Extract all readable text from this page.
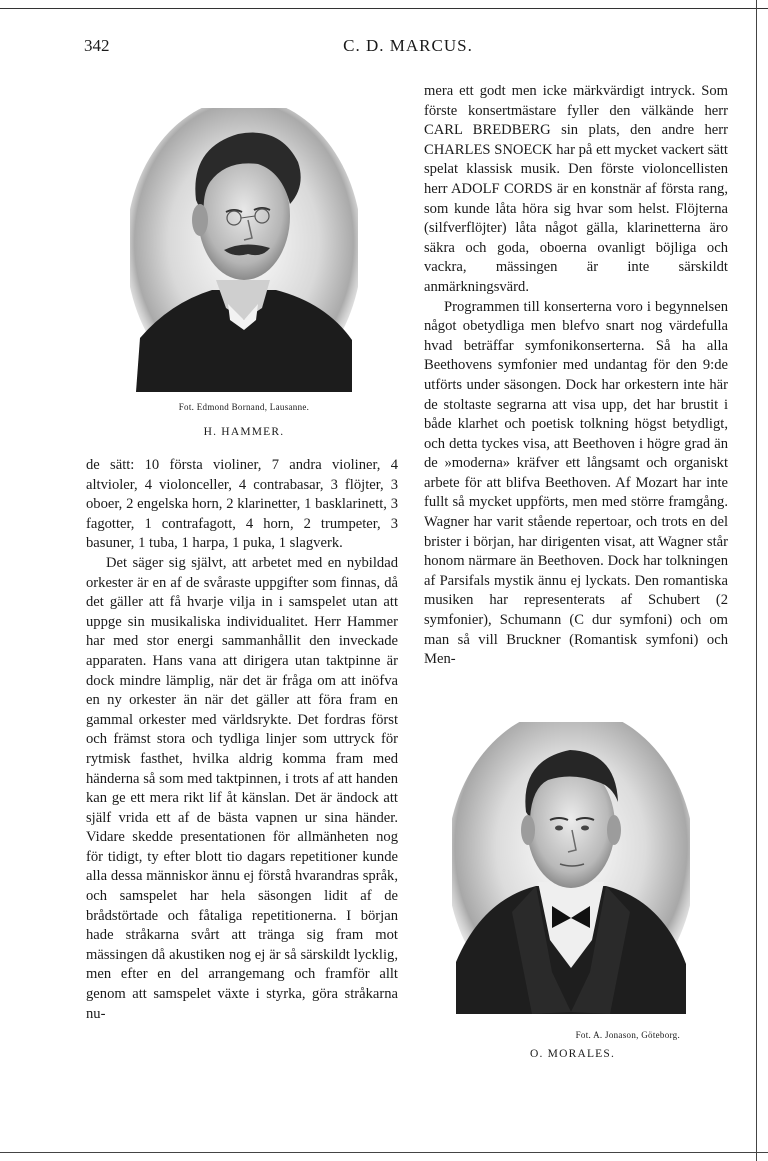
C. D. MARCUS.
342
Fot. Edmond Bornand, Lausanne.
H. HAMMER.

de sätt: 10 första violiner, 7 andra violiner, 4 altvioler, 4 violonceller, 4 contrabasar, 3 flöjter, 3 oboer, 2 engelska horn, 2 klarinetter, 1 basklarinett, 3 fagotter, 1 contrafagott, 4 horn, 2 trumpeter, 3 basuner, 1 tuba, 1 harpa, 1 puka, 1 slagverk.

Det säger sig självt, att arbetet med en nybildad orkester är en af de svåraste uppgifter som finnas, då det gäller att få hvarje vilja in i samspelet utan att uppge sin musikaliska individualitet. Herr Hammer har med stor energi sammanhållit den inveckade apparaten. Hans vana att dirigera utan taktpinne är dock mindre lämplig, när det är fråga om att inöfva en ny orkester än när det gäller att föra fram en gammal orkester med världsrykte. Det fordras först och främst stora och tydliga linjer som uttryck för rytmisk fasthet, hvilka aldrig komma fram med händerna så som med taktpinnen, i trots af att handen kan ge ett mera rikt lif åt känslan. Det är ändock att själf vrida ett af de bästa vapnen ur sina händer. Vidare skedde presentationen för allmänheten nog för tidigt, ty efter blott tio dagars repetitioner kunde alla dessa människor ännu ej förstå hvarandras språk, och samspelet har hela säsongen lidit af de brådstörtade och fåtaliga repetitionerna. I början hade stråkarna svårt att tränga sig fram mot mässingen då akustiken nog ej är så särskildt lycklig, men efter en del arrangemang och framför allt genom att samspelet växte i styrka, göra stråkarna nu-

mera ett godt men icke märkvärdigt intryck. Som förste konsertmästare fyller den välkände herr CARL BREDBERG sin plats, den andre herr CHARLES SNOECK har på ett mycket vackert sätt spelat klassisk musik. Den förste violoncellisten herr ADOLF CORDS är en konstnär af första rang, som kunde låta höra sig hvar som helst. Flöjterna (silfverflöjter) låta något gälla, klarinetterna äro säkra och goda, oboerna ovanligt böjliga och vackra, mässingen är inte särskildt anmärkningsvärd.

Programmen till konserterna voro i begynnelsen något obetydliga men blefvo snart nog värdefulla hvad beträffar symfonikonserterna. Så ha alla Beethovens symfonier med undantag för den 9:de utförts under säsongen. Dock har orkestern inte här de stoltaste segrarna att visa upp, det har brustit i både klarhet och poetisk tolkning högst betydligt, och detta tyckes visa, att Beethoven i högre grad än de »moderna» kräfver ett långsamt och organiskt arbete för att blifva Beethoven. Af Mozart har inte fullt så mycket uppförts, men med större framgång. Wagner har varit stående repertoar, och trots en del brister i början, har dirigenten visat, att Wagner står honom närmare än Beethoven. Dock har tolkningen af Parsifals mystik ännu ej lyckats. Den romantiska musiken har representerats af Schubert (2 symfonier), Schumann (C dur symfoni) och om man så vill Bruckner (Romantisk symfoni) och Men-

Fot. A. Jonason, Göteborg.
O. MORALES.
